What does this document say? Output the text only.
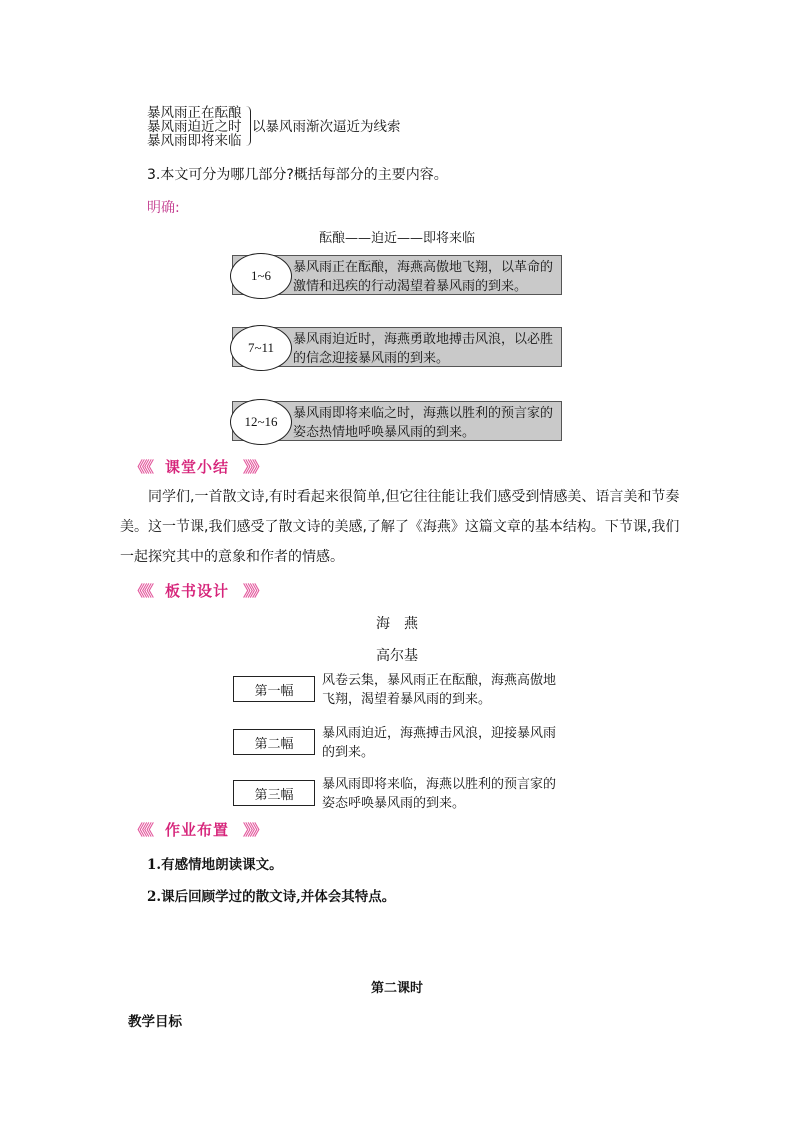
暴风雨正在酝酿
暴风雨迫近之时
暴风雨即将来临
以暴风雨渐次逼近为线索
3.本文可分为哪几部分?概括每部分的主要内容。
明确:
酝酿——迫近——即将来临
暴风雨正在酝酿，海燕高傲地飞翔，以革命的激情和迅疾的行动渴望着暴风雨的到来。
1~6
暴风雨迫近时，海燕勇敢地搏击风浪，以必胜的信念迎接暴风雨的到来。
7~11
暴风雨即将来临之时，海燕以胜利的预言家的姿态热情地呼唤暴风雨的到来。
12~16
《《《 课堂小结 》》》
同学们,一首散文诗,有时看起来很简单,但它往往能让我们感受到情感美、语言美和节奏美。这一节课,我们感受了散文诗的美感,了解了《海燕》这篇文章的基本结构。下节课,我们一起探究其中的意象和作者的情感。
《《《 板书设计 》》》
海　燕
高尔基
第一幅
风卷云集，暴风雨正在酝酿，海燕高傲地飞翔，渴望着暴风雨的到来。
第二幅
暴风雨迫近，海燕搏击风浪，迎接暴风雨的到来。
第三幅
暴风雨即将来临，海燕以胜利的预言家的姿态呼唤暴风雨的到来。
《《《 作业布置 》》》
1.有感情地朗读课文。
2.课后回顾学过的散文诗,并体会其特点。
第二课时
教学目标
